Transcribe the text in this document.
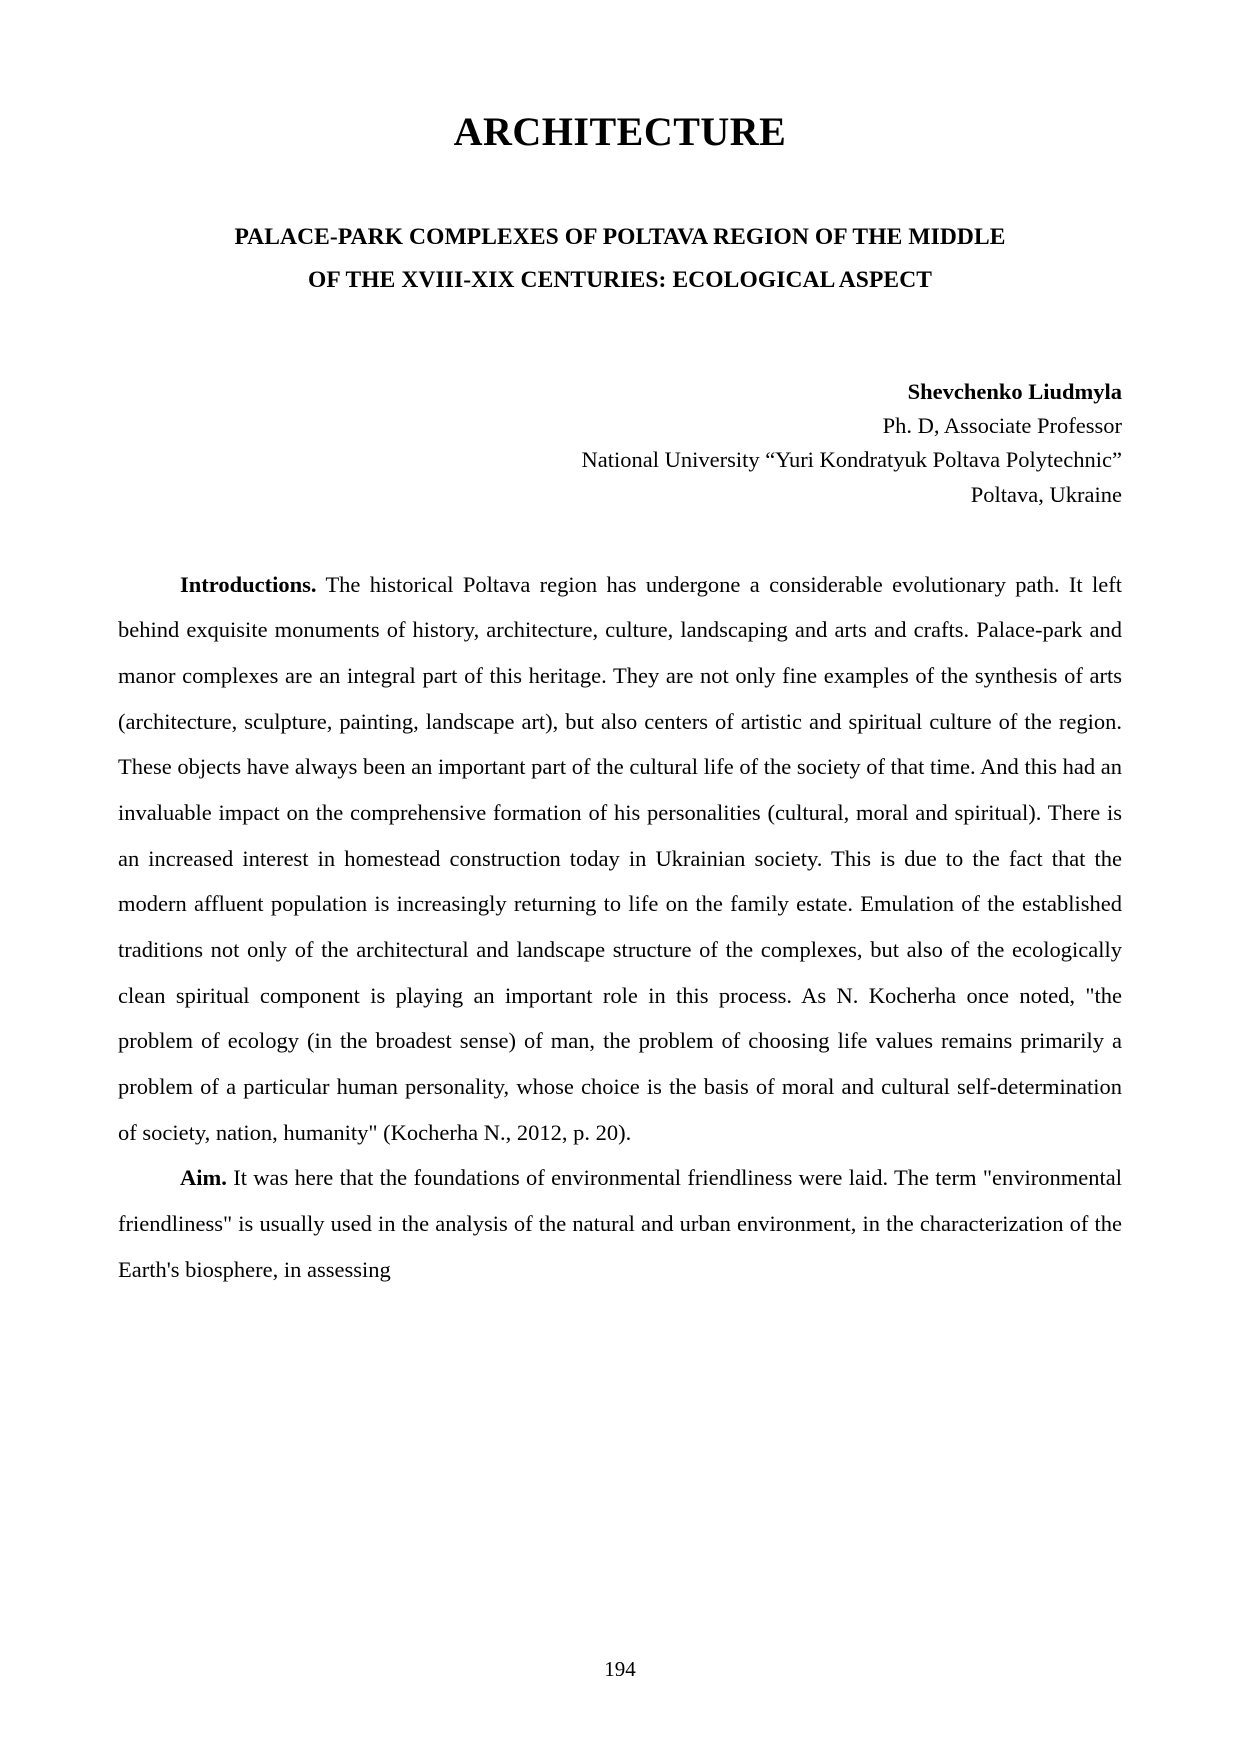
ARCHITECTURE
PALACE-PARK COMPLEXES OF POLTAVA REGION OF THE MIDDLE
OF THE XVIII-XIX CENTURIES: ECOLOGICAL ASPECT
Shevchenko Liudmyla
Ph. D, Associate Professor
National University “Yuri Kondratyuk Poltava Polytechnic”
Poltava, Ukraine

Introductions. The historical Poltava region has undergone a considerable evolutionary path. It left behind exquisite monuments of history, architecture, culture, landscaping and arts and crafts. Palace-park and manor complexes are an integral part of this heritage. They are not only fine examples of the synthesis of arts (architecture, sculpture, painting, landscape art), but also centers of artistic and spiritual culture of the region. These objects have always been an important part of the cultural life of the society of that time. And this had an invaluable impact on the comprehensive formation of his personalities (cultural, moral and spiritual). There is an increased interest in homestead construction today in Ukrainian society. This is due to the fact that the modern affluent population is increasingly returning to life on the family estate. Emulation of the established traditions not only of the architectural and landscape structure of the complexes, but also of the ecologically clean spiritual component is playing an important role in this process. As N. Kocherha once noted, "the problem of ecology (in the broadest sense) of man, the problem of choosing life values remains primarily a problem of a particular human personality, whose choice is the basis of moral and cultural self-determination of society, nation, humanity" (Kocherha N., 2012, p. 20).

Aim. It was here that the foundations of environmental friendliness were laid. The term "environmental friendliness" is usually used in the analysis of the natural and urban environment, in the characterization of the Earth's biosphere, in assessing

194
